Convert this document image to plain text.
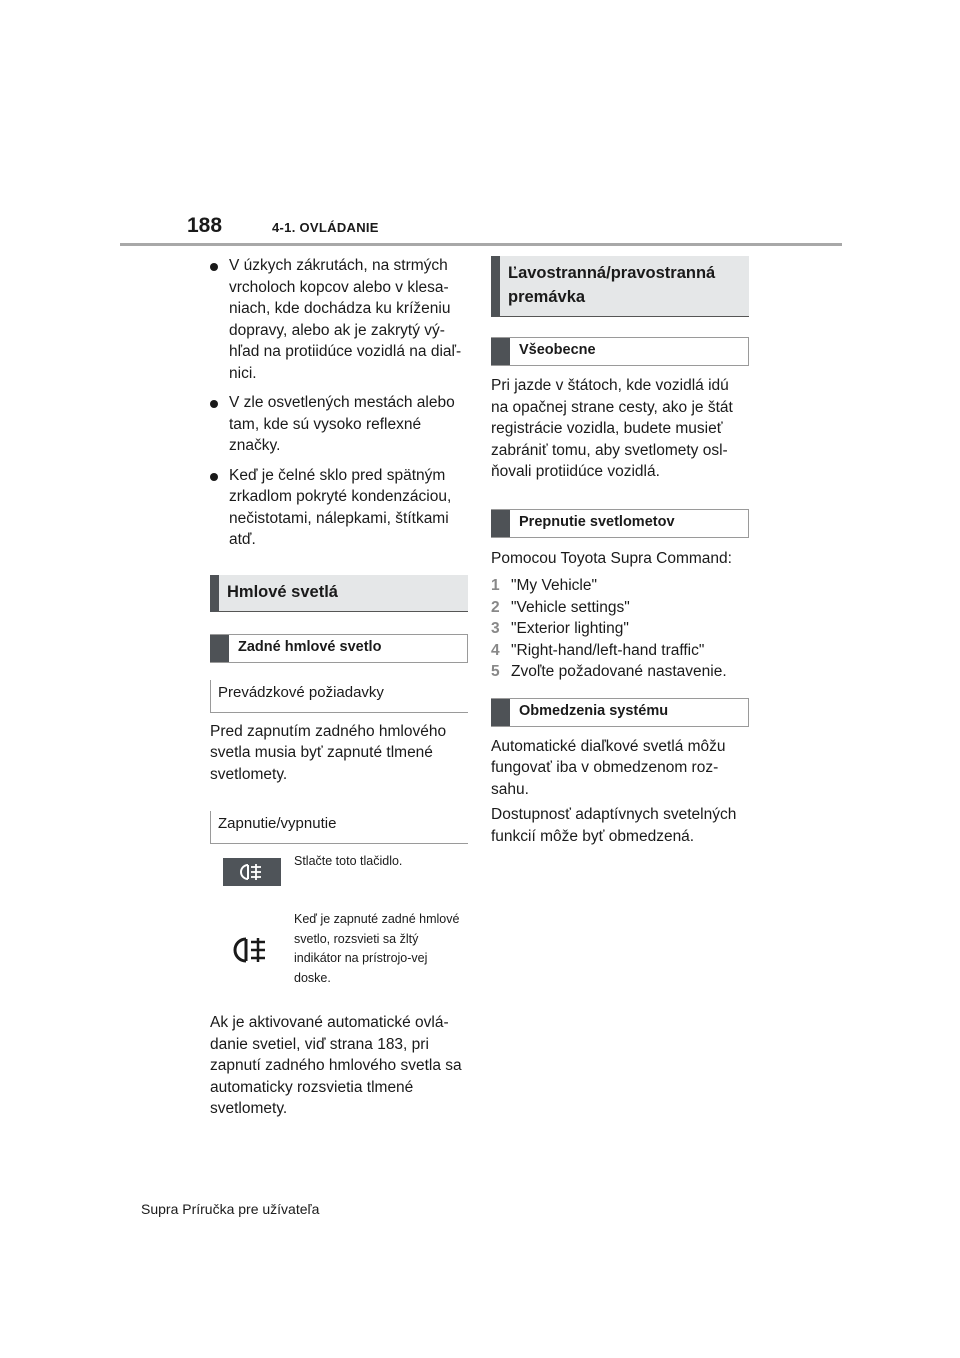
188	4-1. OVLÁDANIE
V úzkych zákrutách, na strmých vrcholoch kopcov alebo v klesa-niach, kde dochádza ku kríženiu dopravy, alebo ak je zakrytý vý-hľad na protiidúce vozidlá na diaľ-nici.
V zle osvetlených mestách alebo tam, kde sú vysoko reflexné značky.
Keď je čelné sklo pred spätným zrkadlom pokryté kondenzáciou, nečistotami, nálepkami, štítkami atď.
Hmlové svetlá
Zadné hmlové svetlo
Prevádzkové požiadavky

Pred zapnutím zadného hmlového svetla musia byť zapnuté tlmené svetlomety.

Zapnutie/vypnutie
Stlačte toto tlačidlo.
Keď je zapnuté zadné hmlové svetlo, rozsvieti sa žltý indikátor na prístrojo-vej doske.

Ak je aktivované automatické ovlá-danie svetiel, viď strana 183, pri zapnutí zadného hmlového svetla sa automaticky rozsvietia tlmené svetlomety.

Ľavostranná/pravostranná premávka
Všeobecne

Pri jazde v štátoch, kde vozidlá idú na opačnej strane cesty, ako je štát registrácie vozidla, budete musieť zabrániť tomu, aby svetlomety osl-ňovali protiidúce vozidlá.

Prepnutie svetlometov

Pomocou Toyota Supra Command:

1 "My Vehicle"

2 "Vehicle settings"

3 "Exterior lighting"

4 "Right-hand/left-hand traffic"

5 Zvoľte požadované nastavenie.

Obmedzenia systému

Automatické diaľkové svetlá môžu fungovať iba v obmedzenom roz-sahu.

Dostupnosť adaptívnych svetelných funkcií môže byť obmedzená.

Supra Príručka pre užívateľa
